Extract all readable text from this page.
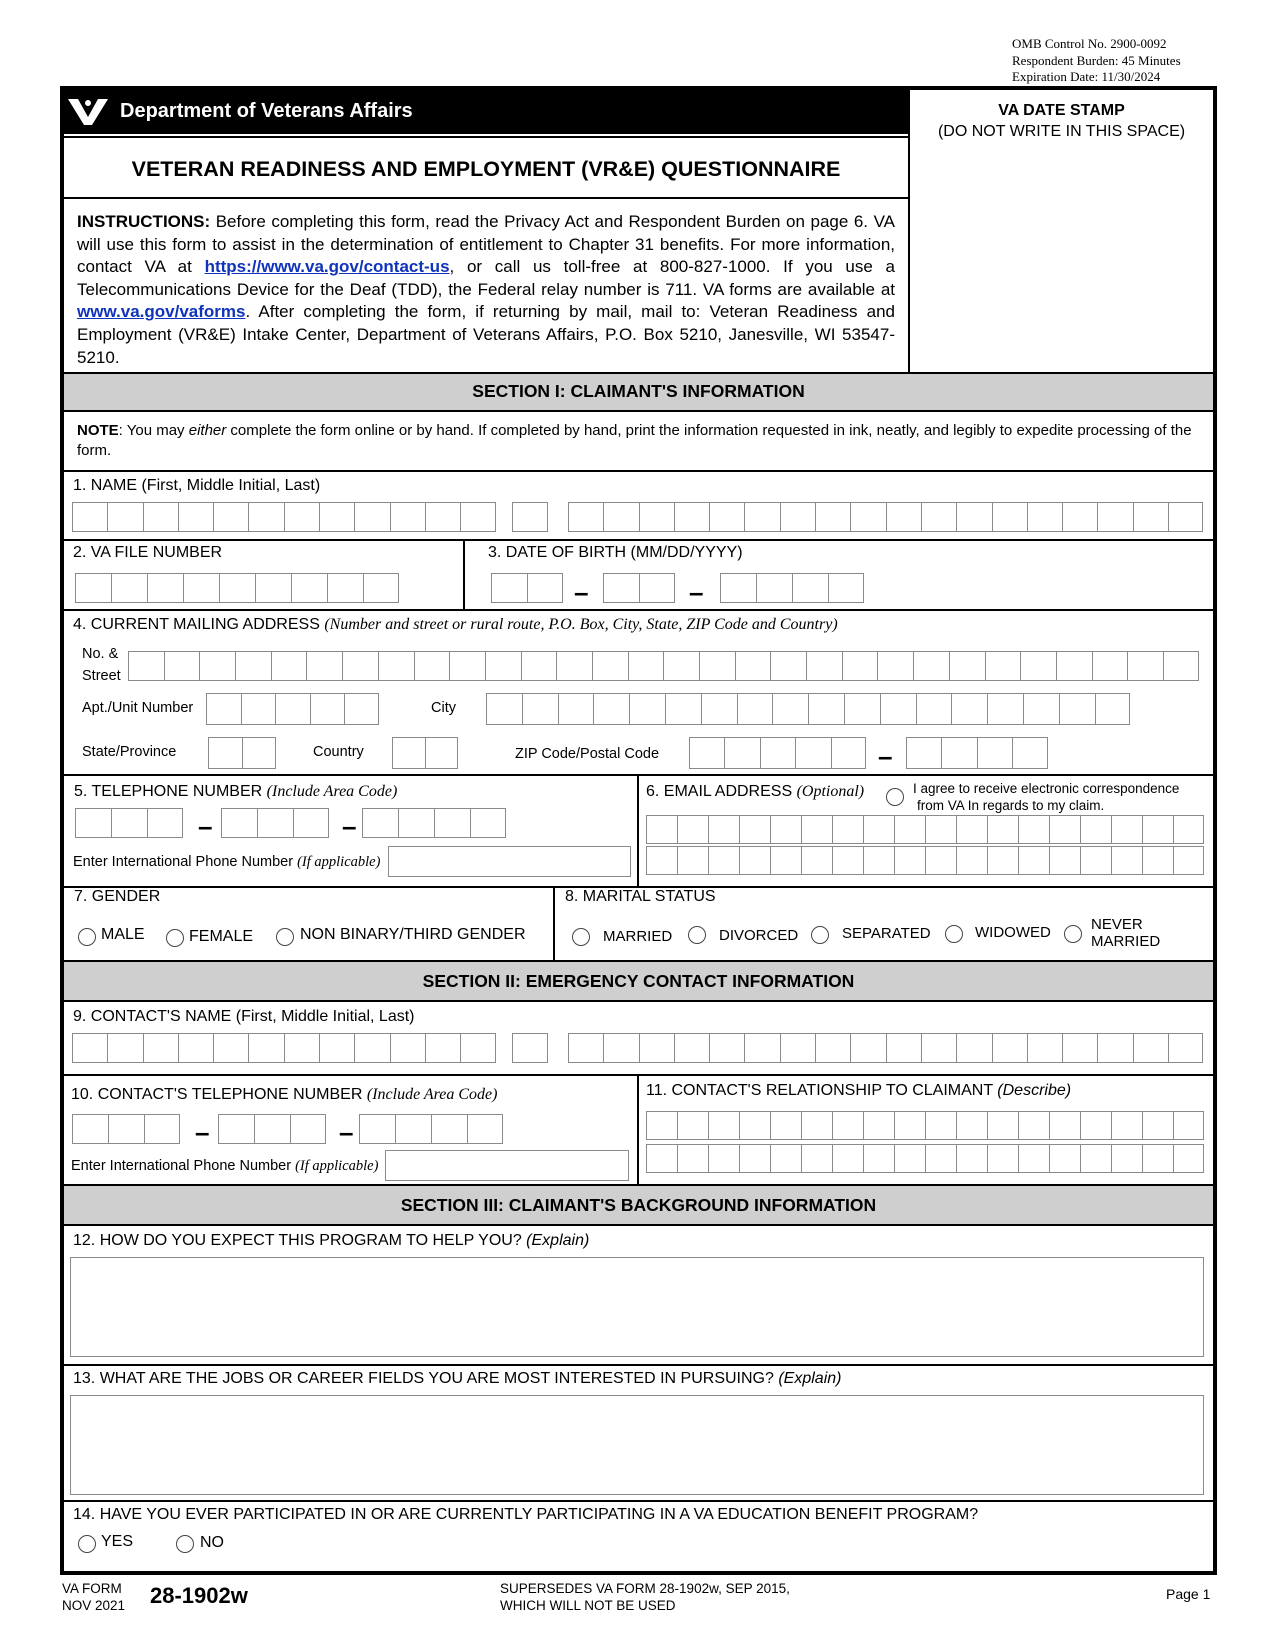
OMB Control No. 2900-0092
Respondent Burden: 45 Minutes
Expiration Date: 11/30/2024
Department of Veterans Affairs	VA DATE STAMP
(DO NOT WRITE IN THIS SPACE)
VETERAN READINESS AND EMPLOYMENT (VR&E) QUESTIONNAIRE
INSTRUCTIONS: Before completing this form, read the Privacy Act and Respondent Burden on page 6. VA will use this form to assist in the determination of entitlement to Chapter 31 benefits. For more information, contact VA at https://www.va.gov/contact-us, or call us toll-free at 800-827-1000. If you use a Telecommunications Device for the Deaf (TDD), the Federal relay number is 711. VA forms are available at www.va.gov/vaforms. After completing the form, if returning by mail, mail to: Veteran Readiness and Employment (VR&E) Intake Center, Department of Veterans Affairs, P.O. Box 5210, Janesville, WI 53547-5210.
SECTION I: CLAIMANT'S INFORMATION
NOTE: You may either complete the form online or by hand. If completed by hand, print the information requested in ink, neatly, and legibly to expedite processing of the form.
1. NAME (First, Middle Initial, Last)
2. VA FILE NUMBER	3. DATE OF BIRTH (MM/DD/YYYY)
–	–
4. CURRENT MAILING ADDRESS (Number and street or rural route, P.O. Box, City, State, ZIP Code and Country)
No. &
Street
Apt./Unit Number	City
State/Province	Country	ZIP Code/Postal Code	–
5. TELEPHONE NUMBER (Include Area Code)
–	–
Enter International Phone Number (If applicable)
6. EMAIL ADDRESS (Optional)	I agree to receive electronic correspondence
from VA In regards to my claim.
7. GENDER
MALE	FEMALE	NON BINARY/THIRD GENDER
8. MARITAL STATUS
MARRIED	DIVORCED	SEPARATED	WIDOWED	NEVER
MARRIED
SECTION II: EMERGENCY CONTACT INFORMATION
9. CONTACT'S NAME (First, Middle Initial, Last)
10. CONTACT'S TELEPHONE NUMBER (Include Area Code)
–	–
Enter International Phone Number (If applicable)
11. CONTACT'S RELATIONSHIP TO CLAIMANT (Describe)
SECTION III: CLAIMANT'S BACKGROUND INFORMATION
12. HOW DO YOU EXPECT THIS PROGRAM TO HELP YOU? (Explain)
13. WHAT ARE THE JOBS OR CAREER FIELDS YOU ARE MOST INTERESTED IN PURSUING? (Explain)
14. HAVE YOU EVER PARTICIPATED IN OR ARE CURRENTLY PARTICIPATING IN A VA EDUCATION BENEFIT PROGRAM?
YES	NO
VA FORM
NOV 2021 28-1902w	SUPERSEDES VA FORM 28-1902w, SEP 2015,
WHICH WILL NOT BE USED
Page 1
